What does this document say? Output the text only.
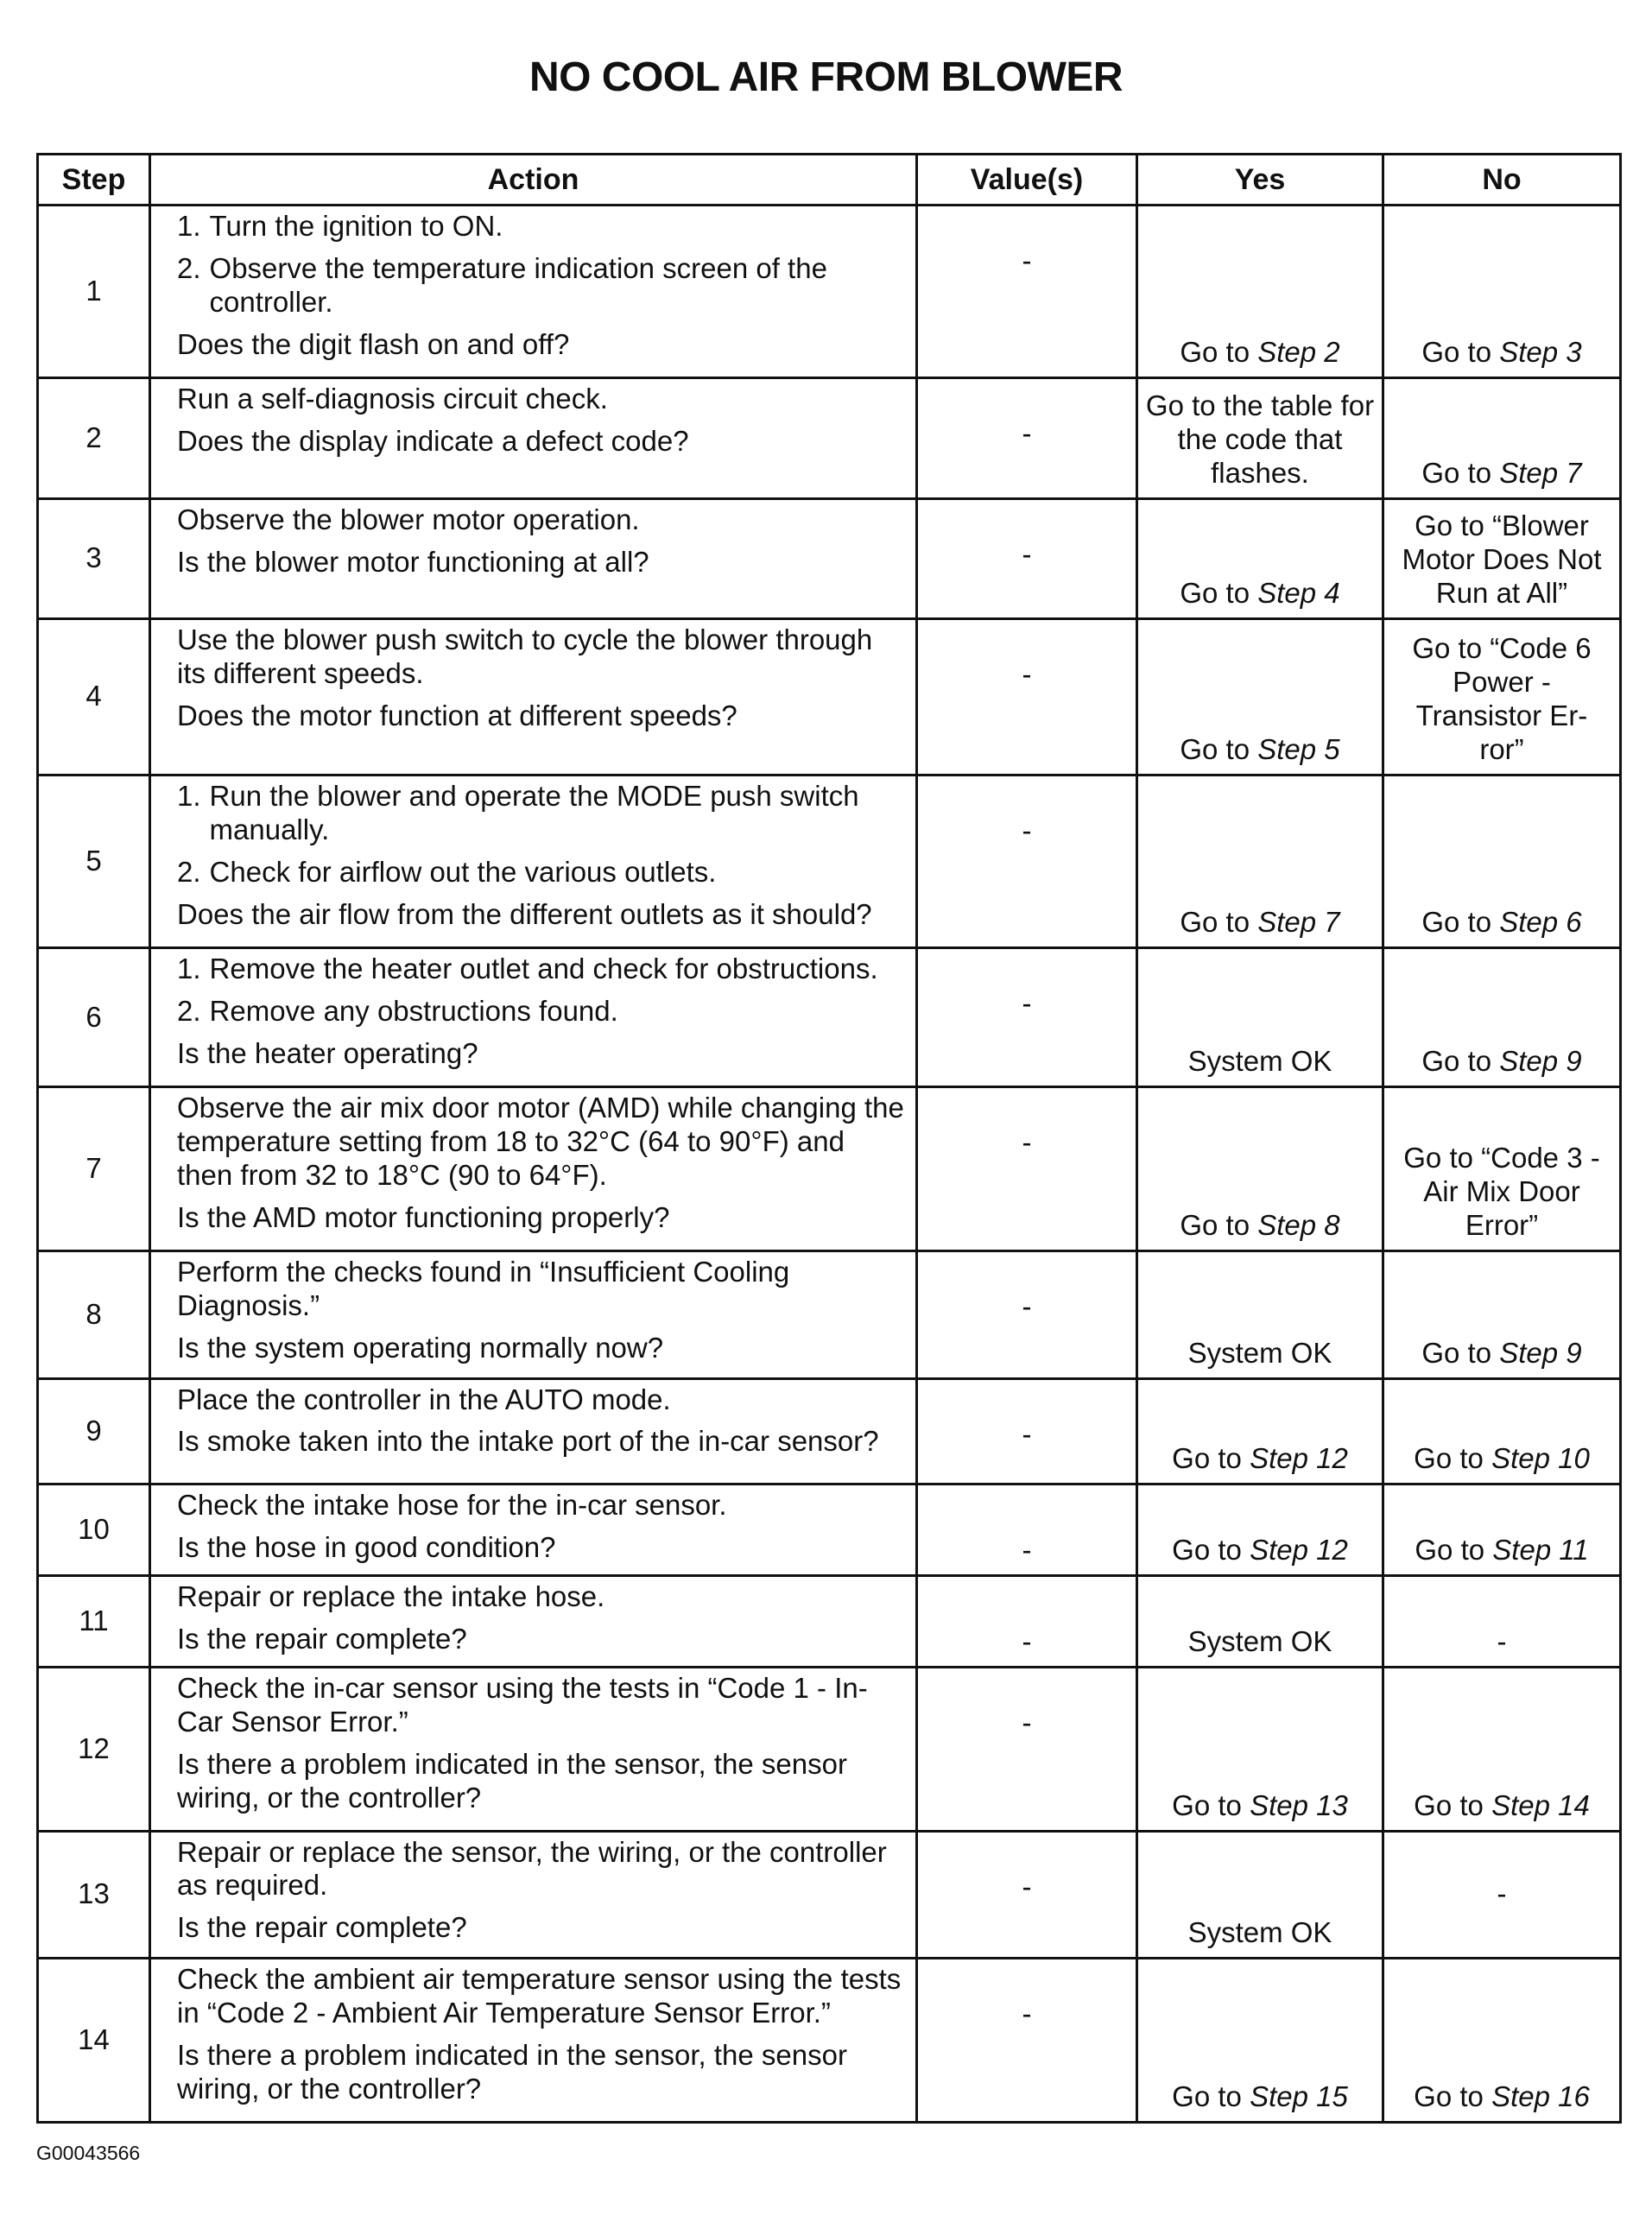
NO COOL AIR FROM BLOWER
Step	Action	Value(s)	Yes	No
1	1. Turn the ignition to ON.
2. Observe the temperature indication screen of the controller.
Does the digit flash on and off?	-	Go to Step 2	Go to Step 3
2	Run a self-diagnosis circuit check.
Does the display indicate a defect code?	-	Go to the table for the code that flashes.	Go to Step 7
3	Observe the blower motor operation.
Is the blower motor functioning at all?	-	Go to Step 4	Go to “Blower Motor Does Not Run at All”
4	Use the blower push switch to cycle the blower through its different speeds.
Does the motor function at different speeds?	-	Go to Step 5	Go to “Code 6 Power - Transistor Er- ror”
5	1. Run the blower and operate the MODE push switch manually.
2. Check for airflow out the various outlets.
Does the air flow from the different outlets as it should?	-	Go to Step 7	Go to Step 6
6	1. Remove the heater outlet and check for obstructions.
2. Remove any obstructions found.
Is the heater operating?	-	System OK	Go to Step 9
7	Observe the air mix door motor (AMD) while changing the temperature setting from 18 to 32°C (64 to 90°F) and then from 32 to 18°C (90 to 64°F).
Is the AMD motor functioning properly?	-	Go to Step 8	Go to “Code 3 - Air Mix Door Error”
8	Perform the checks found in “Insufficient Cooling Diagnosis.”
Is the system operating normally now?	-	System OK	Go to Step 9
9	Place the controller in the AUTO mode.
Is smoke taken into the intake port of the in-car sensor?	-	Go to Step 12	Go to Step 10
10	Check the intake hose for the in-car sensor.
Is the hose in good condition?	-	Go to Step 12	Go to Step 11
11	Repair or replace the intake hose.
Is the repair complete?	-	System OK	-
12	Check the in-car sensor using the tests in “Code 1 - In-Car Sensor Error.”
Is there a problem indicated in the sensor, the sensor wiring, or the controller?	-	Go to Step 13	Go to Step 14
13	Repair or replace the sensor, the wiring, or the controller as required.
Is the repair complete?	-	System OK	-
14	Check the ambient air temperature sensor using the tests in “Code 2 - Ambient Air Temperature Sensor Error.”
Is there a problem indicated in the sensor, the sensor wiring, or the controller?	-	Go to Step 15	Go to Step 16
G00043566
